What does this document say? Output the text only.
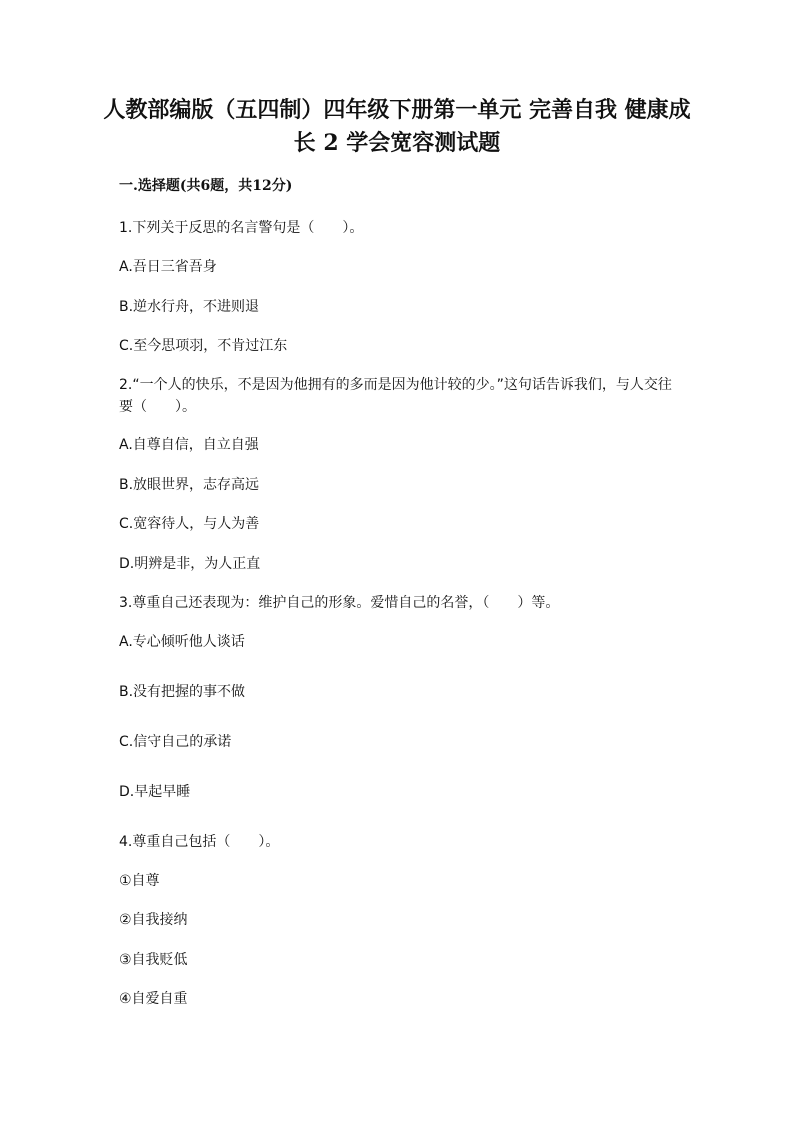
人教部编版（五四制）四年级下册第一单元 完善自我 健康成长 2 学会宽容测试题
一.选择题(共6题，共12分)
1.下列关于反思的名言警句是（　　）。
A.吾日三省吾身
B.逆水行舟，不进则退
C.至今思项羽，不肯过江东
2.“一个人的快乐，不是因为他拥有的多而是因为他计较的少。”这句话告诉我们，与人交往要（　　）。
A.自尊自信，自立自强
B.放眼世界，志存高远
C.宽容待人，与人为善
D.明辨是非，为人正直
3.尊重自己还表现为：维护自己的形象。爱惜自己的名誉，（　　）等。
A.专心倾听他人谈话
B.没有把握的事不做
C.信守自己的承诺
D.早起早睡
4.尊重自己包括（　　）。
①自尊
②自我接纳
③自我贬低
④自爱自重
